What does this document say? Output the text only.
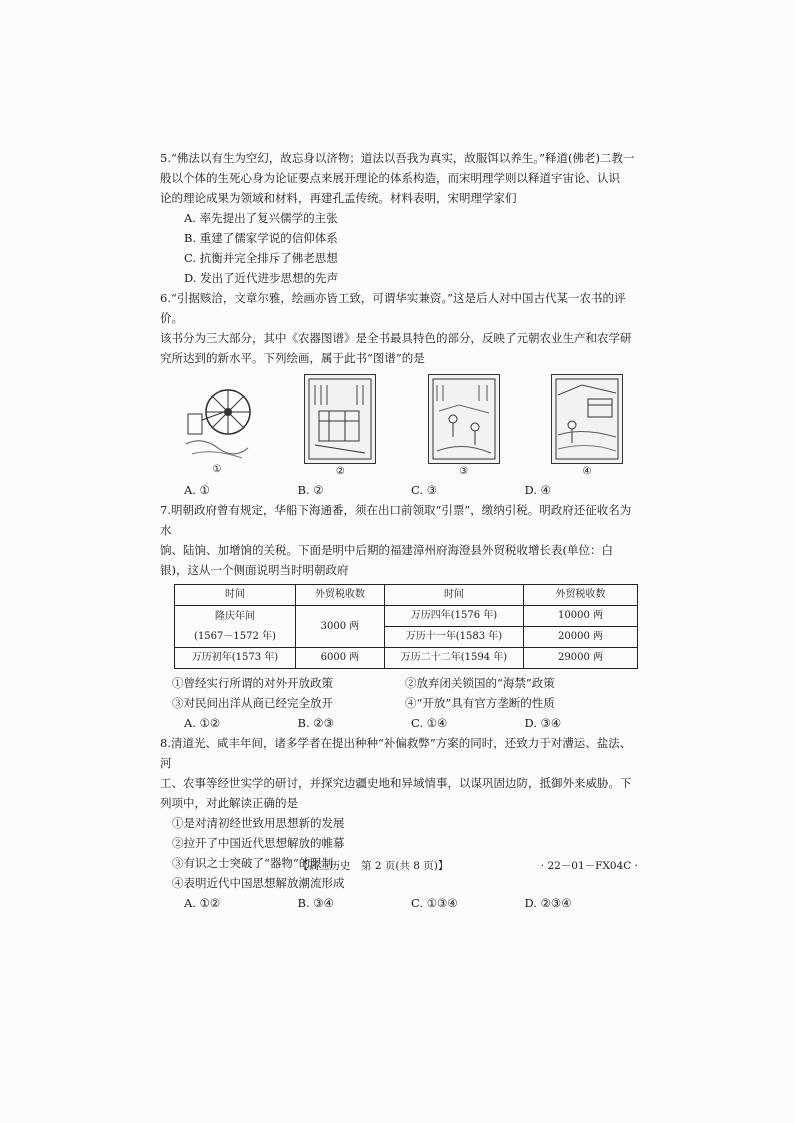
5.“佛法以有生为空幻，故忘身以济物；道法以吾我为真实，故服饵以养生。”释道(佛老)二教一
般以个体的生死心身为论证要点来展开理论的体系构造，而宋明理学则以释道宇宙论、认识
论的理论成果为领域和材料，再建孔孟传统。材料表明，宋明理学家们
A. 率先提出了复兴儒学的主张
B. 重建了儒家学说的信仰体系
C. 抗衡并完全排斥了佛老思想
D. 发出了近代进步思想的先声
6.“引据赅洽，文章尔雅，绘画亦皆工致，可谓华实兼资。”这是后人对中国古代某一农书的评价。
该书分为三大部分，其中《农器图谱》是全书最具特色的部分，反映了元朝农业生产和农学研
究所达到的新水平。下列绘画，属于此书“图谱”的是
①	②	③	④
A. ①	B. ②	C. ③	D. ④
7.明朝政府曾有规定，华船下海通番，须在出口前领取“引票”，缴纳引税。明政府还征收名为水
饷、陆饷、加增饷的关税。下面是明中后期的福建漳州府海澄县外贸税收增长表(单位：白
银)，这从一个侧面说明当时明朝政府
时间	外贸税收数	时间	外贸税收数

隆庆年间
(1567－1572 年)	3000 两	万历四年(1576 年)	10000 两
		万历十一年(1583 年)	20000 两
万历初年(1573 年)	6000 两	万历二十二年(1594 年)	29000 两
①曾经实行所谓的对外开放政策	②放弃闭关锁国的“海禁”政策
③对民间出洋从商已经完全放开	④“开放”具有官方垄断的性质
A. ①②	B. ②③	C. ①④	D. ③④
8.清道光、咸丰年间，诸多学者在提出种种“补偏救弊”方案的同时，还致力于对漕运、盐法、河
工、农事等经世实学的研讨，并探究边疆史地和异域情事，以谋巩固边防，抵御外来威胁。下
列项中，对此解读正确的是
①是对清初经世致用思想新的发展
②拉开了中国近代思想解放的帷幕
③有识之士突破了“器物”的限制
④表明近代中国思想解放潮流形成
A. ①②	B. ③④	C. ①③④	D. ②③④
【高三历史　第 2 页(共 8 页)】	· 22－01－FX04C ·
